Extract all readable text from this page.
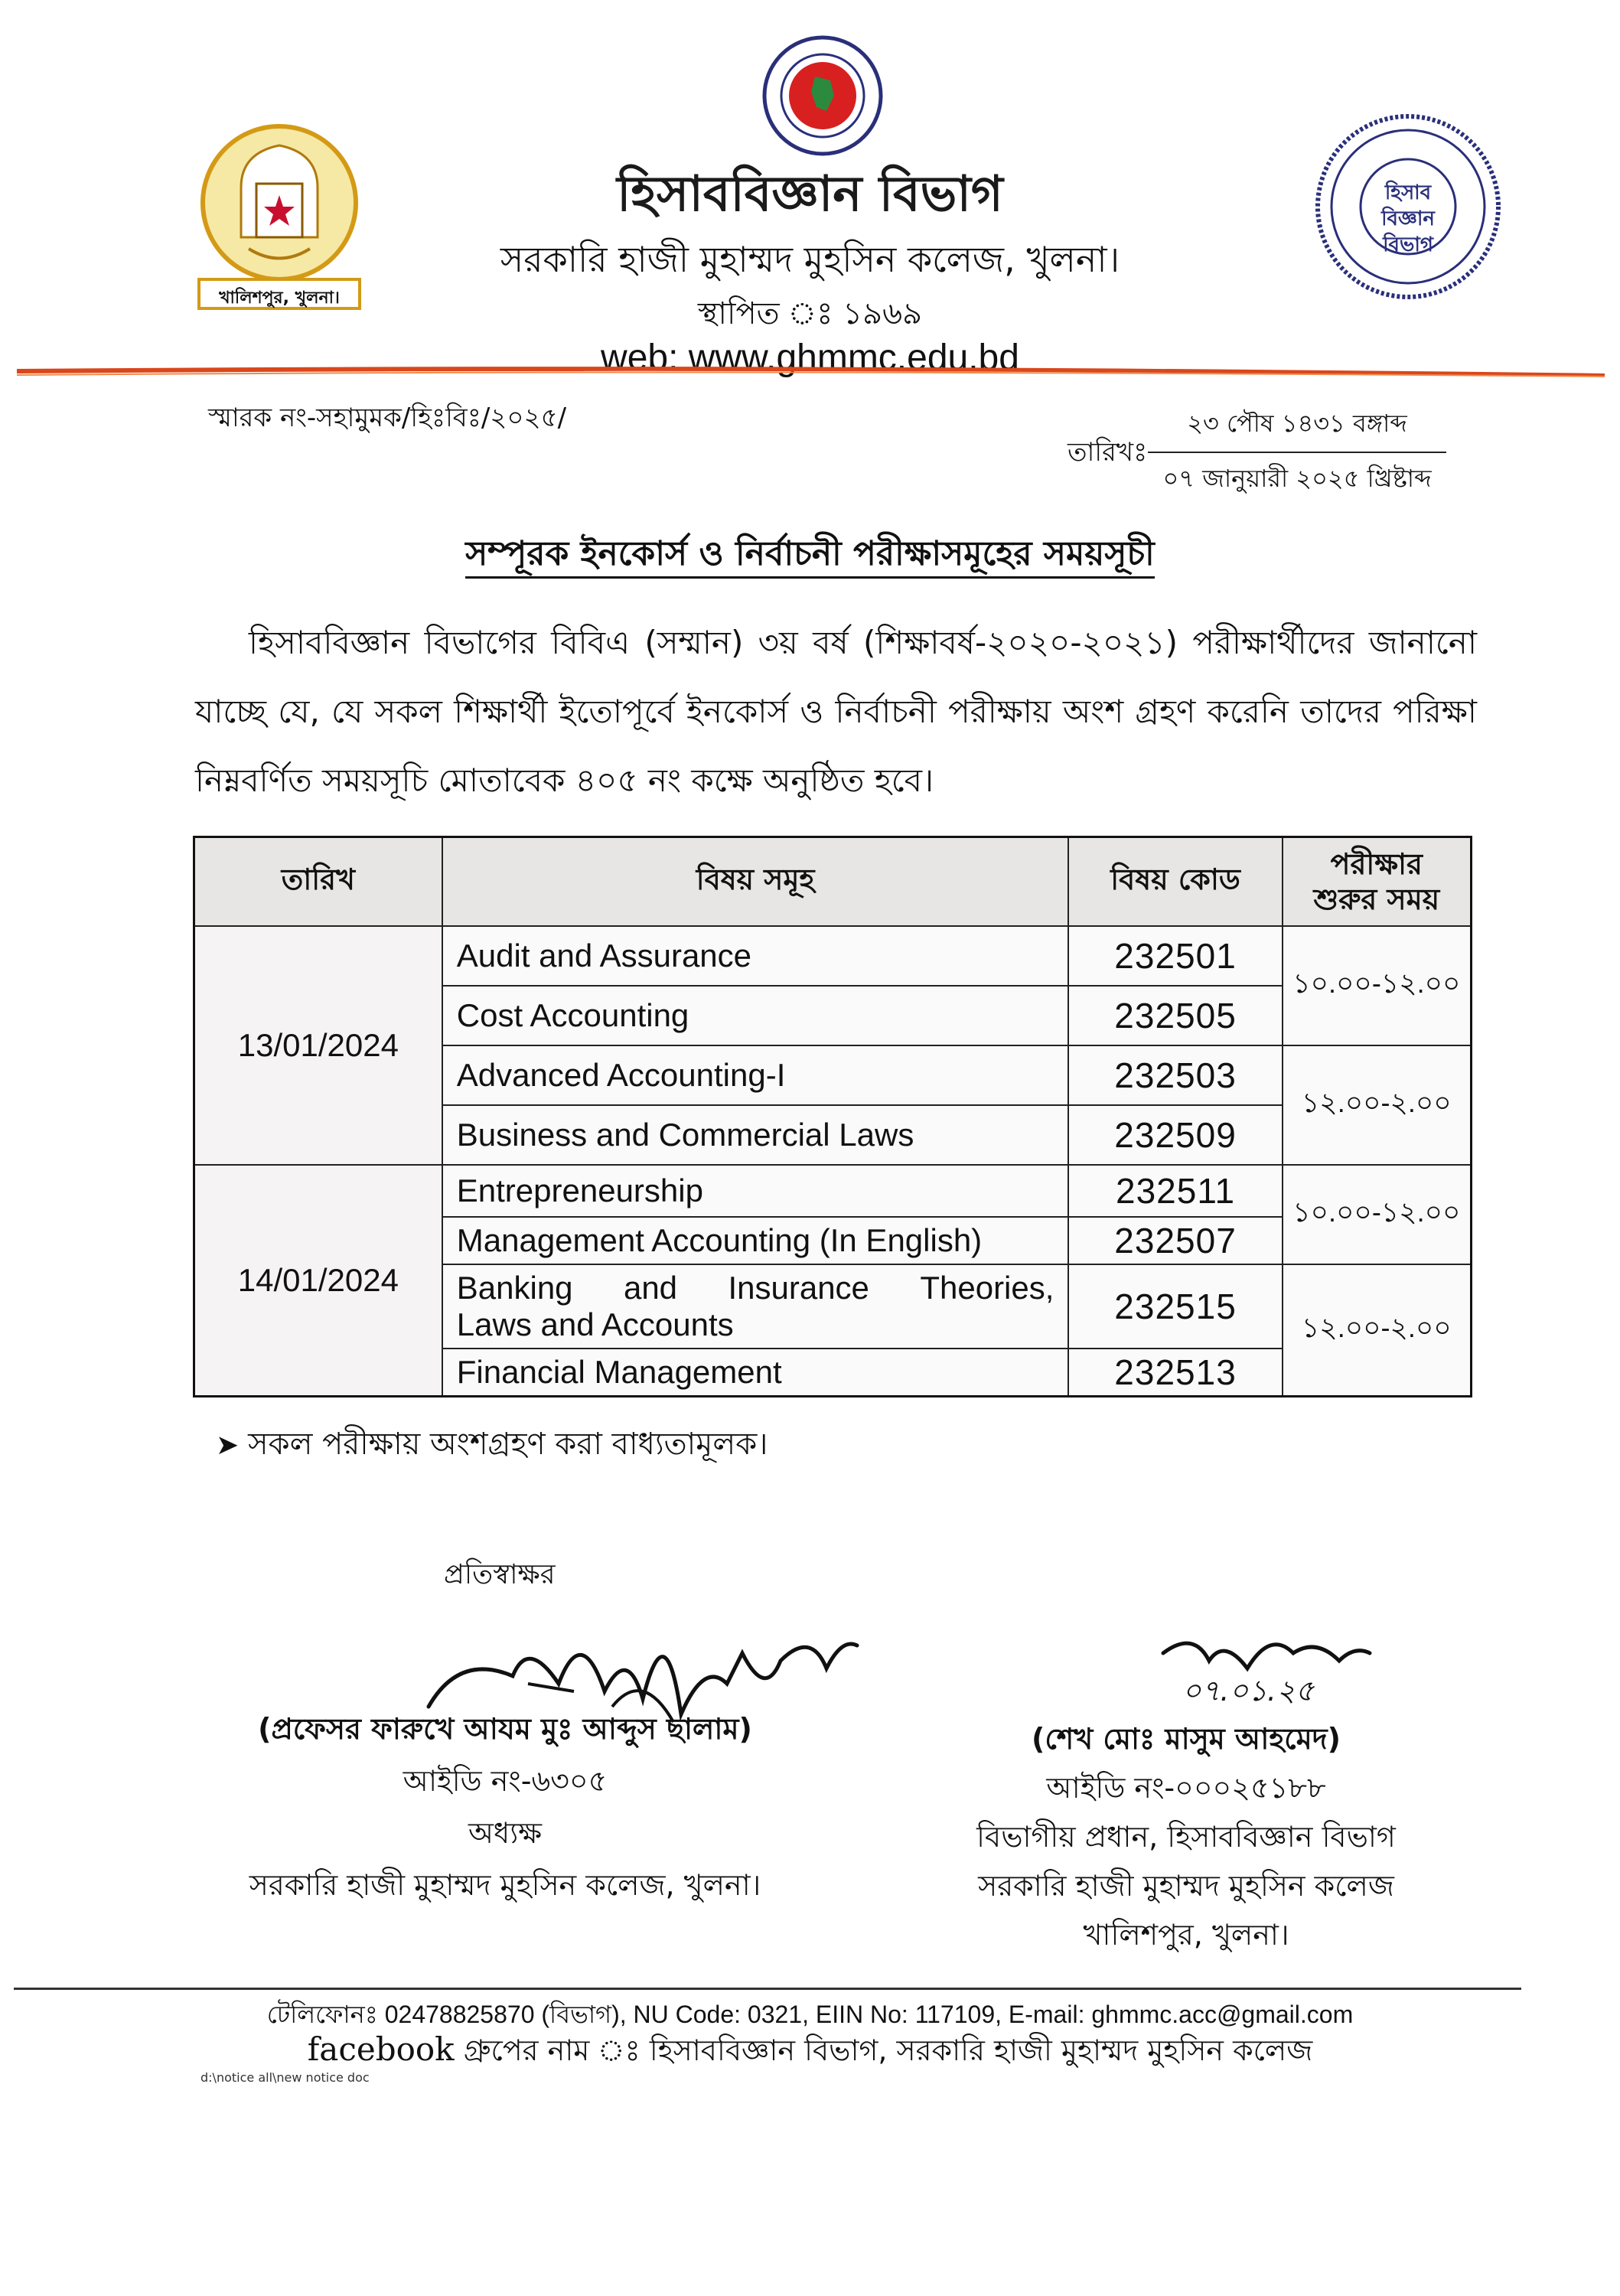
খালিশপুর, খুলনা।
হিসাব বিজ্ঞান বিভাগ
হিসাববিজ্ঞান বিভাগ
সরকারি হাজী মুহাম্মদ মুহসিন কলেজ, খুলনা।
স্থাপিত ঃ ১৯৬৯
web: www.ghmmc.edu.bd
স্মারক নং-সহামুমক/হিঃবিঃ/২০২৫/
তারিখঃ
২৩ পৌষ ১৪৩১ বঙ্গাব্দ
০৭ জানুয়ারী ২০২৫ খ্রিষ্টাব্দ
সম্পূরক ইনকোর্স ও নির্বাচনী পরীক্ষাসমূহের সময়সূচী
হিসাববিজ্ঞান বিভাগের বিবিএ (সম্মান) ৩য় বর্ষ (শিক্ষাবর্ষ-২০২০-২০২১) পরীক্ষার্থীদের জানানো যাচ্ছে যে, যে সকল শিক্ষার্থী ইতোপূর্বে ইনকোর্স ও নির্বাচনী পরীক্ষায় অংশ গ্রহণ করেনি তাদের পরিক্ষা নিম্নবর্ণিত সময়সূচি মোতাবেক ৪০৫ নং কক্ষে অনুষ্ঠিত হবে।
তারিখ	বিষয় সমূহ	বিষয় কোড	পরীক্ষার
শুরুর সময়

13/01/2024	Audit and Assurance	232501	১০.০০-১২.০০
	Cost Accounting	232505	
	Advanced Accounting-I	232503	১২.০০-২.০০
	Business and Commercial Laws	232509	
14/01/2024	Entrepreneurship	232511	১০.০০-১২.০০
	Management Accounting (In English)	232507	

	Banking and Insurance Theories,
Laws and Accounts	232515	১২.০০-২.০০
	Financial Management	232513	
➤ সকল পরীক্ষায় অংশগ্রহণ করা বাধ্যতামূলক।
প্রতিস্বাক্ষর
০৭.০১.২৫
(প্রফেসর ফারুখে আযম মুঃ আব্দুস ছালাম)
আইডি নং-৬৩০৫
অধ্যক্ষ
সরকারি হাজী মুহাম্মদ মুহসিন কলেজ, খুলনা।
(শেখ মোঃ মাসুম আহমেদ)
আইডি নং-০০০২৫১৮৮
বিভাগীয় প্রধান, হিসাববিজ্ঞান বিভাগ
সরকারি হাজী মুহাম্মদ মুহসিন কলেজ
খালিশপুর, খুলনা।
টেলিফোনঃ 02478825870 (বিভাগ), NU Code: 0321, EIIN No: 117109, E-mail: ghmmc.acc@gmail.com
facebook গ্রুপের নাম ঃ হিসাববিজ্ঞান বিভাগ, সরকারি হাজী মুহাম্মদ মুহসিন কলেজ
d:\notice all\new notice doc
